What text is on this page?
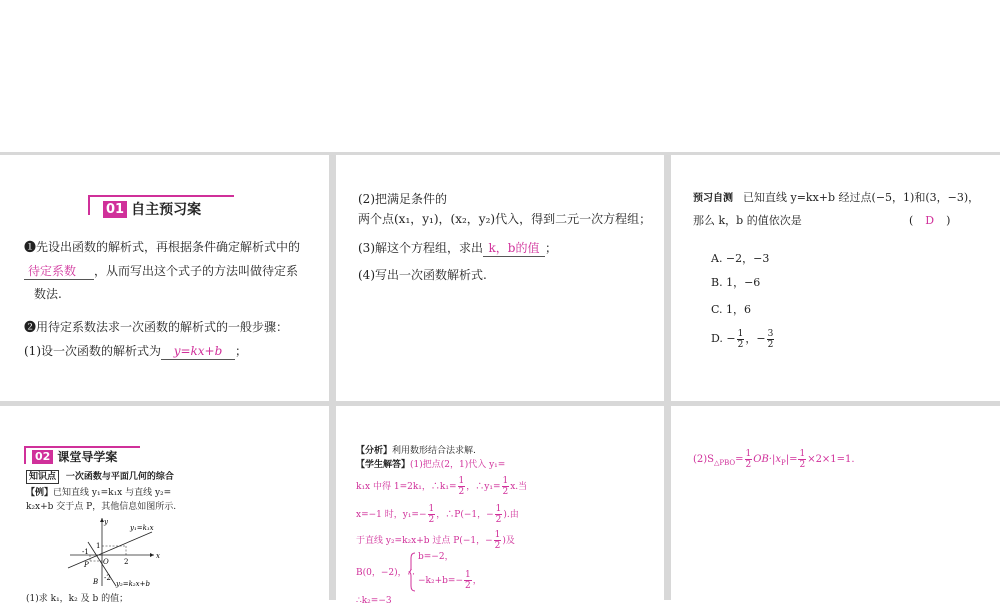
01 自主预习案
❶先设出函数的解析式，再根据条件确定解析式中的
待定系数 ，从而写出这个式子的方法叫做待定系
数法.
❷用待定系数法求一次函数的解析式的一般步骤：
(1)设一次函数的解析式为 y=kx+b ；
(2)把满足条件的
两个点(x₁，y₁)，(x₂，y₂)代入，得到二元一次方程组；
(3)解这个方程组，求出 k，b的值 ；
(4)写出一次函数解析式.
预习自测 已知直线 y=kx+b 经过点(−5，1)和(3，−3)，
那么 k，b 的值依次是	( D )
A. −2，−3
B. 1，−6
C. 1，6
D. − $\frac{1}{2}$ ，− $\frac{3}{2}$
02 课堂导学案
知识点 一次函数与平面几何的综合
【例】已知直线 y₁=k₁x 与直线 y₂=
k₂x+b 交于点 P，其他信息如图所示.
y
x
O 2
1
-1
-2
P
B
y₁=k₁x
y₂=k₂x+b
(1)求 k₁，k₂ 及 b 的值；
【分析】利用数形结合法求解.
【学生解答】(1)把点(2，1)代入 y₁=
k₁x 中得 1=2k₁，∴k₁= $\frac{1}{2}$ ，∴y₁= $\frac{1}{2} x$.当
x=−1 时，$y_1=- \frac{1}{2}$ ，∴P(−1，− $\frac{1}{2}$ ).由
于直线 y₂=k₂x+b 过点 P(−1，− $\frac{1}{2}$ )及
B(0，−2)，∴
b=−2，
$-k_2+b=- \frac{1}{2}$ ，
∴k₂=−3
$(2)S_{\triangle PBO}= \frac{1}{2} OB\cdot|x_P|= \frac{1}{2} \times 2\times 1=1$.
